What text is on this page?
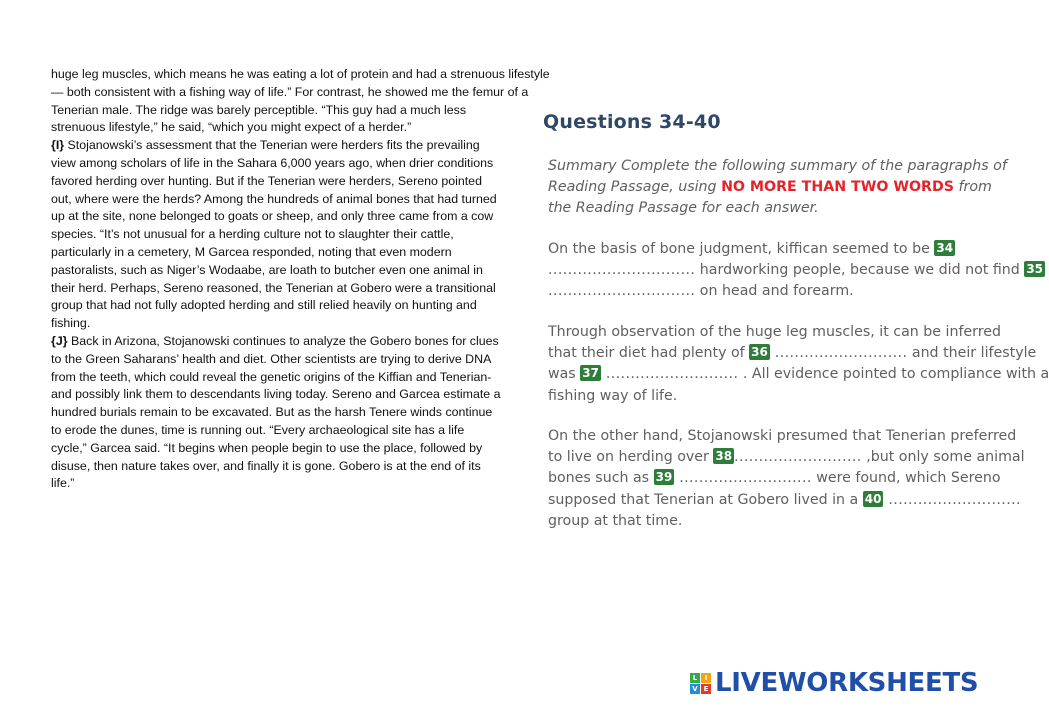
huge leg muscles, which means he was eating a lot of protein and had a strenuous lifestyle
— both consistent with a fishing way of life.” For contrast, he showed me the femur of a
Tenerian male. The ridge was barely perceptible. “This guy had a much less
strenuous lifestyle,” he said, “which you might expect of a herder.”
{I} Stojanowski’s assessment that the Tenerian were herders fits the prevailing
view among scholars of life in the Sahara 6,000 years ago, when drier conditions
favored herding over hunting. But if the Tenerian were herders, Sereno pointed
out, where were the herds? Among the hundreds of animal bones that had turned
up at the site, none belonged to goats or sheep, and only three came from a cow
species. “It’s not unusual for a herding culture not to slaughter their cattle,
particularly in a cemetery, M Garcea responded, noting that even modern
pastoralists, such as Niger’s Wodaabe, are loath to butcher even one animal in
their herd. Perhaps, Sereno reasoned, the Tenerian at Gobero were a transitional
group that had not fully adopted herding and still relied heavily on hunting and
fishing.
{J} Back in Arizona, Stojanowski continues to analyze the Gobero bones for clues
to the Green Saharans’ health and diet. Other scientists are trying to derive DNA
from the teeth, which could reveal the genetic origins of the Kiffian and Tenerian-
and possibly link them to descendants living today. Sereno and Garcea estimate a
hundred burials remain to be excavated. But as the harsh Tenere winds continue
to erode the dunes, time is running out. “Every archaeological site has a life
cycle,” Garcea said. “It begins when people begin to use the place, followed by
disuse, then nature takes over, and finally it is gone. Gobero is at the end of its
life.”
Questions 34-40
Summary Complete the following summary of the paragraphs of
Reading Passage, using NO MORE THAN TWO WORDS from
the Reading Passage for each answer.
On the basis of bone judgment, kiffican seemed to be 34
.............................. hardworking people, because we did not find 35
.............................. on head and forearm.
Through observation of the huge leg muscles, it can be inferred
that their diet had plenty of 36 ........................... and their lifestyle
was 37 ........................... . All evidence pointed to compliance with a
fishing way of life.
On the other hand, Stojanowski presumed that Tenerian preferred
to live on herding over 38 .......................... ,but only some animal
bones such as 39 ........................... were found, which Sereno
supposed that Tenerian at Gobero lived in a 40 ...........................
group at that time.
L	I
V E LIVEWORKSHEETS
